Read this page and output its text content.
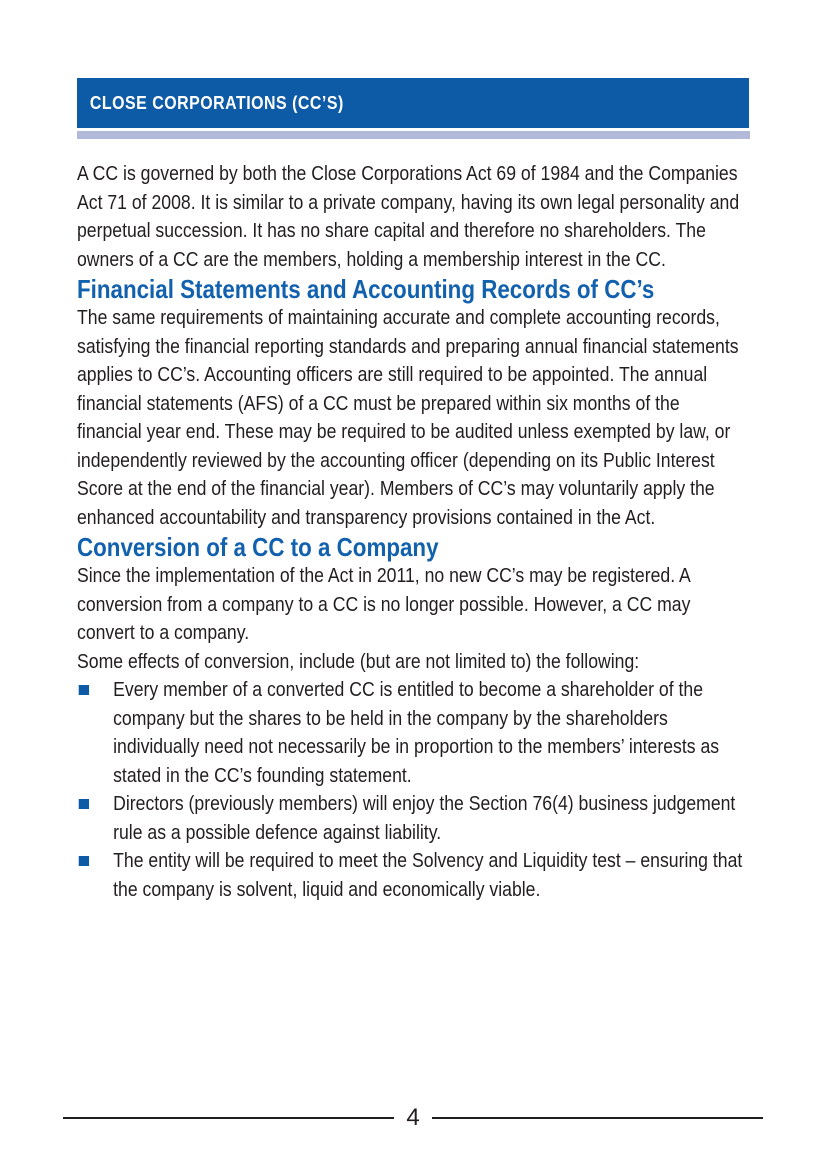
CLOSE CORPORATIONS (CC’S)

A CC is governed by both the Close Corporations Act 69 of 1984 and the Companies Act 71 of 2008. It is similar to a private company, having its own legal personality and perpetual succession. It has no share capital and therefore no shareholders. The owners of a CC are the members, holding a membership interest in the CC.

Financial Statements and Accounting Records of CC’s

The same requirements of maintaining accurate and complete accounting records, satisfying the financial reporting standards and preparing annual financial statements applies to CC’s. Accounting officers are still required to be appointed. The annual financial statements (AFS) of a CC must be prepared within six months of the financial year end. These may be required to be audited unless exempted by law, or independently reviewed by the accounting officer (depending on its Public Interest Score at the end of the financial year). Members of CC’s may voluntarily apply the enhanced accountability and transparency provisions contained in the Act.

Conversion of a CC to a Company

Since the implementation of the Act in 2011, no new CC’s may be registered. A conversion from a company to a CC is no longer possible. However, a CC may convert to a company.

Some effects of conversion, include (but are not limited to) the following:

Every member of a converted CC is entitled to become a shareholder of the company but the shares to be held in the company by the shareholders individually need not necessarily be in proportion to the members’ interests as stated in the CC’s founding statement.
Directors (previously members) will enjoy the Section 76(4) business judgement rule as a possible defence against liability.
The entity will be required to meet the Solvency and Liquidity test – ensuring that the company is solvent, liquid and economically viable.
4
